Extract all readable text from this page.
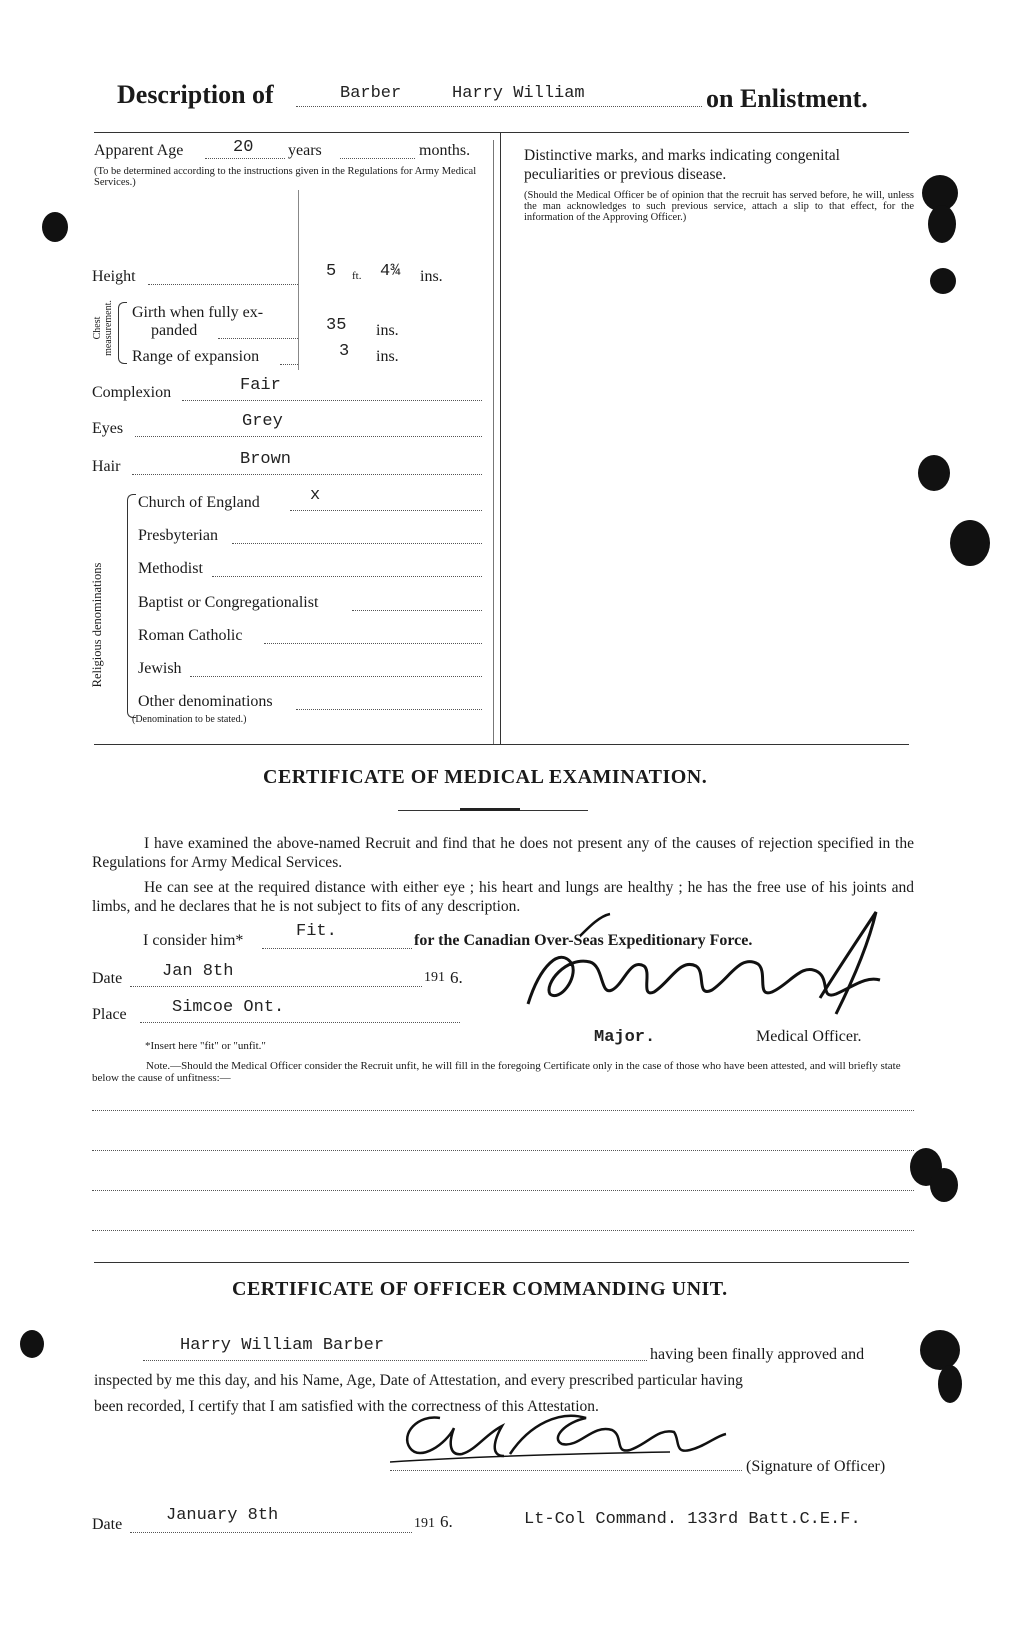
Description of	Barber	Harry William	on Enlistment.
Apparent Age	20 years	months.
(To be determined according to the instructions given in the Regulations for Army Medical Services.)
Height	5 ft. 4¾ ins.
Chest measurement. Girth when fully ex-
panded	35 ins.
Range of expansion	3 ins.
Complexion	Fair
Eyes	Grey
Hair	Brown
Religious denominations
Church of England	x
Presbyterian
Methodist
Baptist or Congregationalist
Roman Catholic
Jewish
Other denominations
(Denomination to be stated.)
Distinctive marks, and marks indicating congenital peculiarities or previous disease.
(Should the Medical Officer be of opinion that the recruit has served before, he will, unless the man acknowledges to such previous service, attach a slip to that effect, for the information of the Approving Officer.)
CERTIFICATE OF MEDICAL EXAMINATION.
I have examined the above-named Recruit and find that he does not present any of the causes of rejection specified in the Regulations for Army Medical Services.
He can see at the required distance with either eye ; his heart and lungs are healthy ; he has the free use of his joints and limbs, and he declares that he is not subject to fits of any description.
I consider him*	Fit.	for the Canadian Over-Seas Expeditionary Force.
Date Jan 8th	191 6.
Place	Simcoe Ont.
Major.	Medical Officer.
*Insert here "fit" or "unfit."
Note.—Should the Medical Officer consider the Recruit unfit, he will fill in the foregoing Certificate only in the case of those who have been attested, and will briefly state below the cause of unfitness:—
CERTIFICATE OF OFFICER COMMANDING UNIT.
Harry William Barber	having been finally approved and
inspected by me this day, and his Name, Age, Date of Attestation, and every prescribed particular having
been recorded, I certify that I am satisfied with the correctness of this Attestation.
(Signature of Officer)
Date	January 8th	191 6.	Lt-Col Command. 133rd Batt.C.E.F.
